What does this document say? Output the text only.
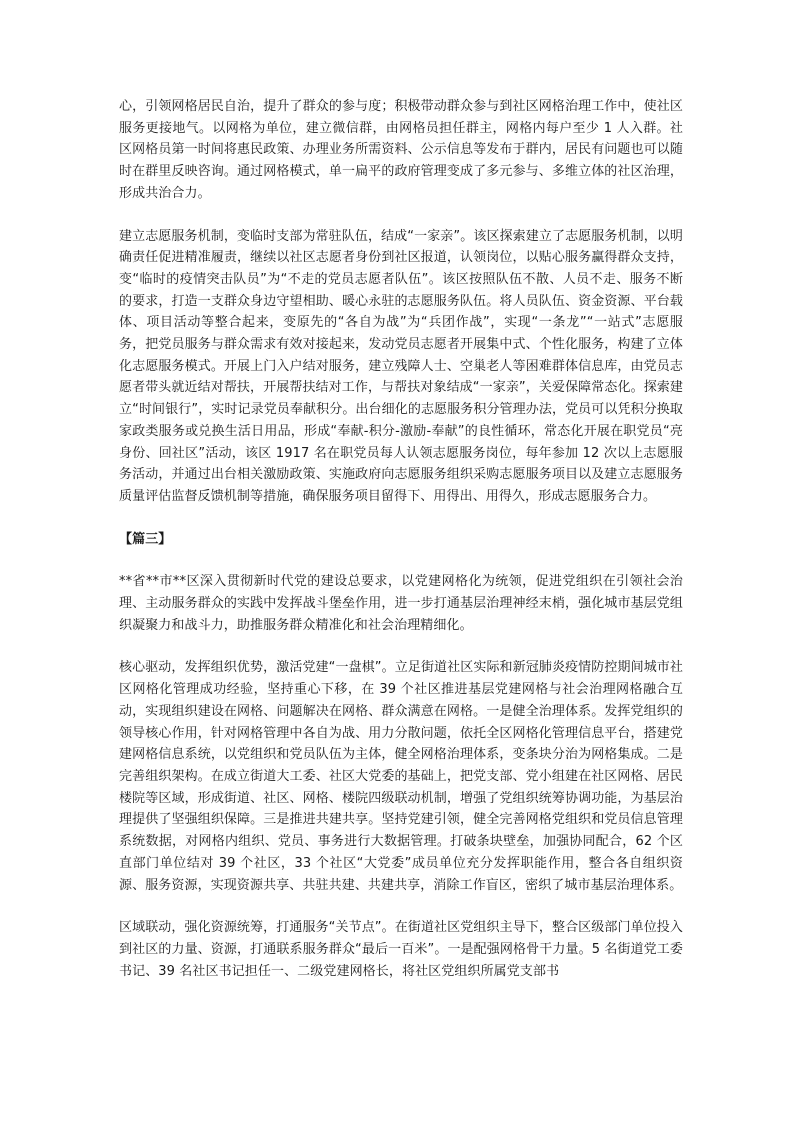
心，引领网格居民自治，提升了群众的参与度；积极带动群众参与到社区网格治理工作中，使社区服务更接地气。以网格为单位，建立微信群，由网格员担任群主，网格内每户至少 1 人入群。社区网格员第一时间将惠民政策、办理业务所需资料、公示信息等发布于群内，居民有问题也可以随时在群里反映咨询。通过网格模式，单一扁平的政府管理变成了多元参与、多维立体的社区治理，形成共治合力。

建立志愿服务机制，变临时支部为常驻队伍，结成“一家亲”。该区探索建立了志愿服务机制，以明确责任促进精准履责，继续以社区志愿者身份到社区报道，认领岗位，以贴心服务赢得群众支持，变“临时的疫情突击队员”为“不走的党员志愿者队伍”。该区按照队伍不散、人员不走、服务不断的要求，打造一支群众身边守望相助、暖心永驻的志愿服务队伍。将人员队伍、资金资源、平台载体、项目活动等整合起来，变原先的“各自为战”为“兵团作战”，实现“一条龙”“一站式”志愿服务，把党员服务与群众需求有效对接起来，发动党员志愿者开展集中式、个性化服务，构建了立体化志愿服务模式。开展上门入户结对服务，建立残障人士、空巢老人等困难群体信息库，由党员志愿者带头就近结对帮扶，开展帮扶结对工作，与帮扶对象结成“一家亲”，关爱保障常态化。探索建立“时间银行”，实时记录党员奉献积分。出台细化的志愿服务积分管理办法，党员可以凭积分换取家政类服务或兑换生活日用品，形成“奉献-积分-激励-奉献”的良性循环，常态化开展在职党员“亮身份、回社区”活动，该区 1917 名在职党员每人认领志愿服务岗位，每年参加 12 次以上志愿服务活动，并通过出台相关激励政策、实施政府向志愿服务组织采购志愿服务项目以及建立志愿服务质量评估监督反馈机制等措施，确保服务项目留得下、用得出、用得久，形成志愿服务合力。

【篇三】

**省**市**区深入贯彻新时代党的建设总要求，以党建网格化为统领，促进党组织在引领社会治理、主动服务群众的实践中发挥战斗堡垒作用，进一步打通基层治理神经末梢，强化城市基层党组织凝聚力和战斗力，助推服务群众精准化和社会治理精细化。

核心驱动，发挥组织优势，激活党建“一盘棋”。立足街道社区实际和新冠肺炎疫情防控期间城市社区网格化管理成功经验，坚持重心下移，在 39 个社区推进基层党建网格与社会治理网格融合互动，实现组织建设在网格、问题解决在网格、群众满意在网格。一是健全治理体系。发挥党组织的领导核心作用，针对网格管理中各自为战、用力分散问题，依托全区网格化管理信息平台，搭建党建网格信息系统，以党组织和党员队伍为主体，健全网格治理体系，变条块分治为网格集成。二是完善组织架构。在成立街道大工委、社区大党委的基础上，把党支部、党小组建在社区网格、居民楼院等区域，形成街道、社区、网格、楼院四级联动机制，增强了党组织统筹协调功能，为基层治理提供了坚强组织保障。三是推进共建共享。坚持党建引领，健全完善网格党组织和党员信息管理系统数据，对网格内组织、党员、事务进行大数据管理。打破条块壁垒，加强协同配合，62 个区直部门单位结对 39 个社区，33 个社区“大党委”成员单位充分发挥职能作用，整合各自组织资源、服务资源，实现资源共享、共驻共建、共建共享，消除工作盲区，密织了城市基层治理体系。

区域联动，强化资源统筹，打通服务“关节点”。在街道社区党组织主导下，整合区级部门单位投入到社区的力量、资源，打通联系服务群众“最后一百米”。一是配强网格骨干力量。5 名街道党工委书记、39 名社区书记担任一、二级党建网格长，将社区党组织所属党支部书
